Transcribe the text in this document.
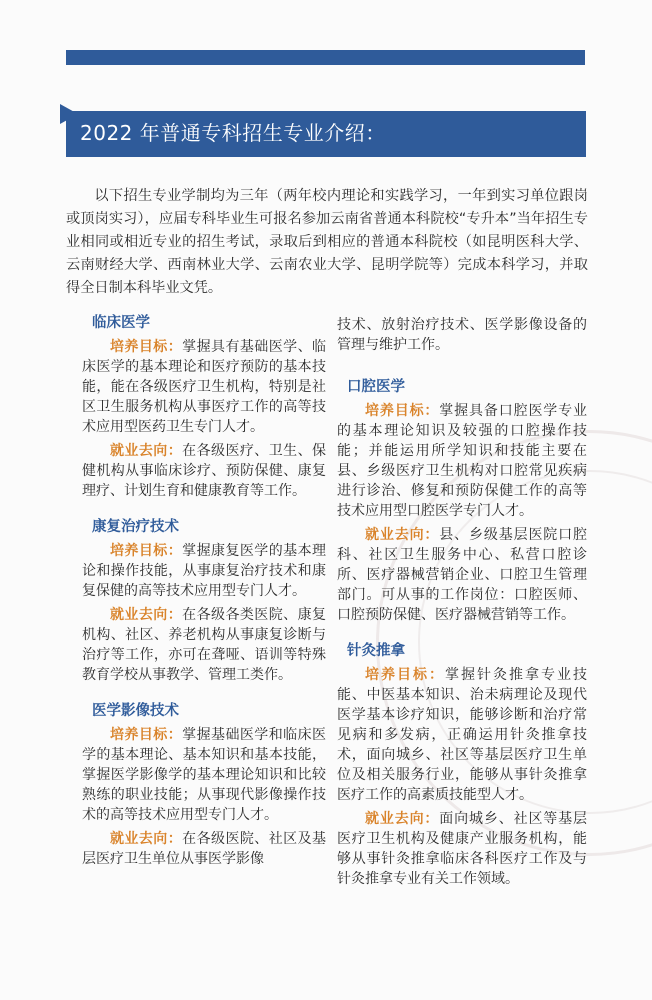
2022 年普通专科招生专业介绍：

以下招生专业学制均为三年（两年校内理论和实践学习，一年到实习单位跟岗或顶岗实习），应届专科毕业生可报名参加云南省普通本科院校“专升本”当年招生专业相同或相近专业的招生考试，录取后到相应的普通本科院校（如昆明医科大学、云南财经大学、西南林业大学、云南农业大学、昆明学院等）完成本科学习，并取得全日制本科毕业文凭。

临床医学

培养目标：掌握具有基础医学、临床医学的基本理论和医疗预防的基本技能，能在各级医疗卫生机构，特别是社区卫生服务机构从事医疗工作的高等技术应用型医药卫生专门人才。

就业去向：在各级医疗、卫生、保健机构从事临床诊疗、预防保健、康复理疗、计划生育和健康教育等工作。

康复治疗技术

培养目标：掌握康复医学的基本理论和操作技能，从事康复治疗技术和康复保健的高等技术应用型专门人才。

就业去向：在各级各类医院、康复机构、社区、养老机构从事康复诊断与治疗等工作，亦可在聋哑、语训等特殊教育学校从事教学、管理工类作。

医学影像技术

培养目标：掌握基础医学和临床医学的基本理论、基本知识和基本技能，掌握医学影像学的基本理论知识和比较熟练的职业技能；从事现代影像操作技术的高等技术应用型专门人才。

就业去向：在各级医院、社区及基层医疗卫生单位从事医学影像

技术、放射治疗技术、医学影像设备的管理与维护工作。

口腔医学

培养目标：掌握具备口腔医学专业的基本理论知识及较强的口腔操作技能；并能运用所学知识和技能主要在县、乡级医疗卫生机构对口腔常见疾病进行诊治、修复和预防保健工作的高等技术应用型口腔医学专门人才。

就业去向：县、乡级基层医院口腔科、社区卫生服务中心、私营口腔诊所、医疗器械营销企业、口腔卫生管理部门。可从事的工作岗位：口腔医师、口腔预防保健、医疗器械营销等工作。

针灸推拿

培养目标：掌握针灸推拿专业技能、中医基本知识、治未病理论及现代医学基本诊疗知识，能够诊断和治疗常见病和多发病，正确运用针灸推拿技术，面向城乡、社区等基层医疗卫生单位及相关服务行业，能够从事针灸推拿医疗工作的高素质技能型人才。

就业去向：面向城乡、社区等基层医疗卫生机构及健康产业服务机构，能够从事针灸推拿临床各科医疗工作及与针灸推拿专业有关工作领域。
